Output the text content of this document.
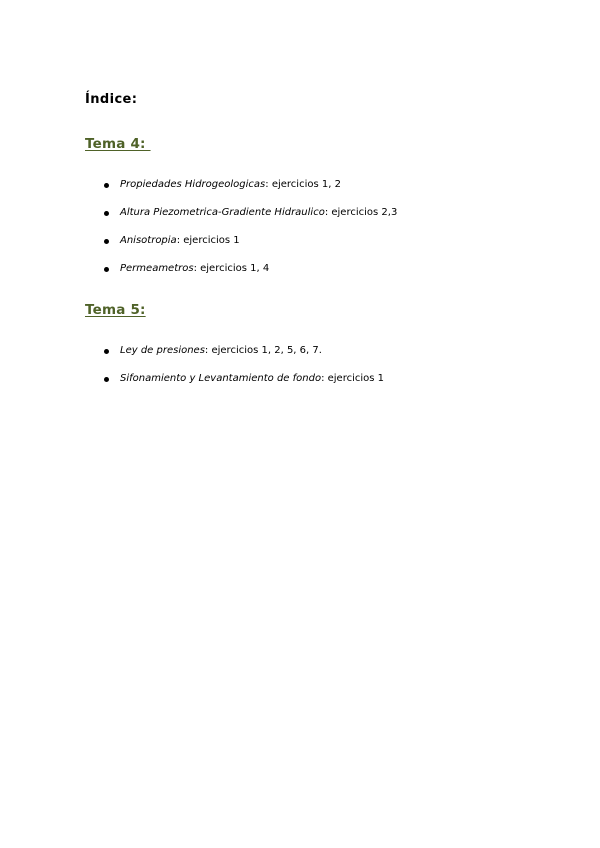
Índice:
Tema 4:
Propiedades Hidrogeologicas: ejercicios 1, 2
Altura Piezometrica-Gradiente Hidraulico: ejercicios 2,3
Anisotropia: ejercicios 1
Permeametros: ejercicios 1, 4
Tema 5:
Ley de presiones: ejercicios 1, 2, 5, 6, 7.
Sifonamiento y Levantamiento de fondo: ejercicios 1
